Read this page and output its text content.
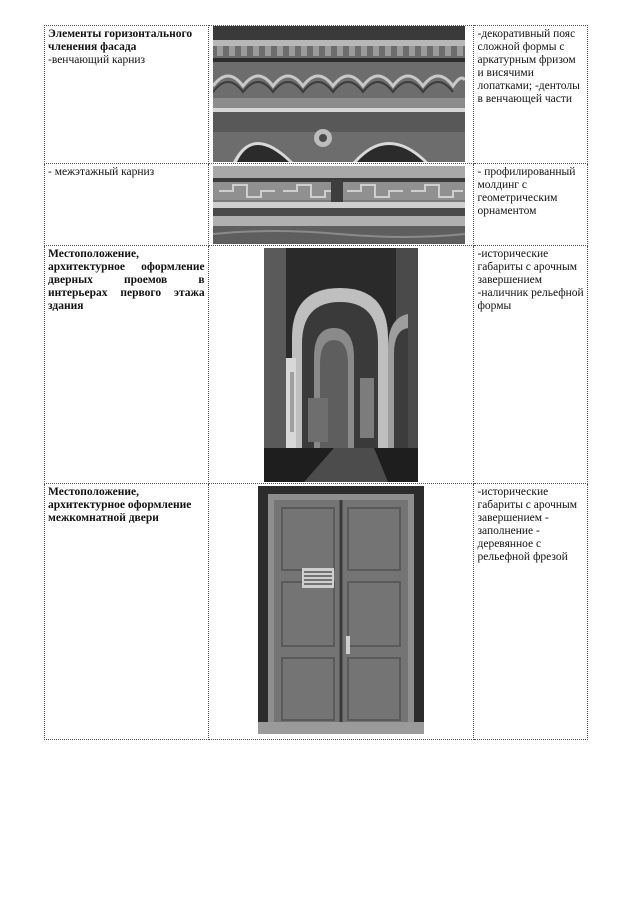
Элементы горизонтального членения фасада
-венчающий карниз		-декоративный пояс сложной формы с аркатурным фризом и висячими лопатками; -дентолы в венчающей части

- межэтажный карниз		- профилированный молдинг с геометрическим орнаментом

Местоположение, архитектурное оформление дверных проемов в интерьерах первого этажа здания		-исторические габариты с арочным завершением -наличник рельефной формы

Местоположение, архитектурное оформление межкомнатной двери		-исторические габариты с арочным завершением - заполнение - деревянное с рельефной фрезой
